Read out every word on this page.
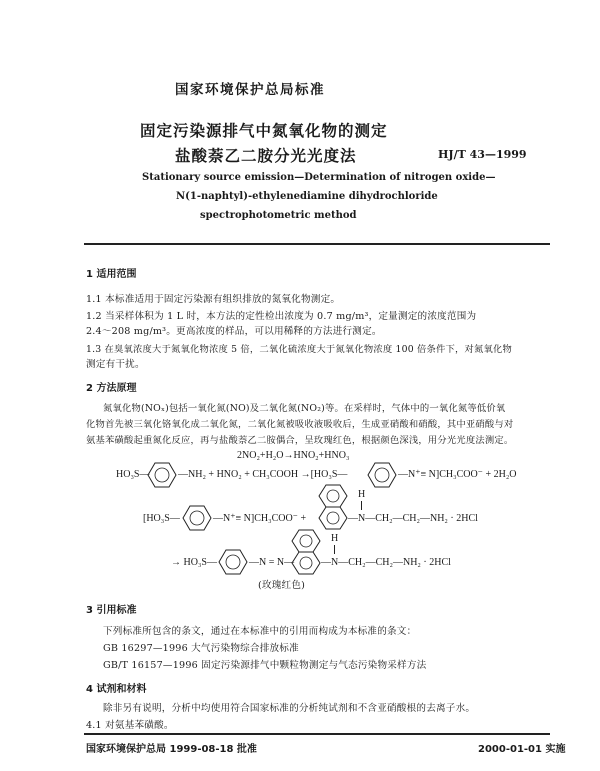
国家环境保护总局标准
固定污染源排气中氮氧化物的测定
盐酸萘乙二胺分光光度法	HJ/T 43—1999
Stationary source emission—Determination of nitrogen oxide—
N(1-naphtyl)-ethylenediamine dihydrochloride
spectrophotometric method
1 适用范围
1.1 本标准适用于固定污染源有组织排放的氮氧化物测定。
1.2 当采样体积为 1 L 时，本方法的定性检出浓度为 0.7 mg/m³，定量测定的浓度范围为
2.4～208 mg/m³。更高浓度的样品，可以用稀释的方法进行测定。
1.3 在臭氧浓度大于氮氧化物浓度 5 倍，二氧化硫浓度大于氮氧化物浓度 100 倍条件下，对氮氧化物
测定有干扰。
2 方法原理
氮氧化物(NOₓ)包括一氧化氮(NO)及二氧化氮(NO₂)等。在采样时，气体中的一氧化氮等低价氧
化物首先被三氧化铬氧化成二氧化氮，二氧化氮被吸收液吸收后，生成亚硝酸和硝酸，其中亚硝酸与对
氨基苯磺酸起重氮化反应，再与盐酸萘乙二胺偶合，呈玫瑰红色，根据颜色深浅，用分光光度法测定。
2NO₂+H₂O→HNO₂+HNO₃
HO₃S—	—NH₂ + HNO₂ + CH₃COOH →[HO₃S—	—N⁺≡ N]CH₃COO⁻ + 2H₂O
H
[HO₃S—	—N⁺≡ N]CH₃COO⁻ +	—N—CH₂—CH₂—NH₂ · 2HCl
H
→ HO₃S—	—N = N—	—N—CH₂—CH₂—NH₂ · 2HCl
(玫瑰红色)
3 引用标准
下列标准所包含的条文，通过在本标准中的引用而构成为本标准的条文：
GB 16297—1996 大气污染物综合排放标准
GB/T 16157—1996 固定污染源排气中颗粒物测定与气态污染物采样方法
4 试剂和材料
除非另有说明，分析中均使用符合国家标准的分析纯试剂和不含亚硝酸根的去离子水。
4.1 对氨基苯磺酸。
国家环境保护总局 1999-08-18 批准	2000-01-01 实施
